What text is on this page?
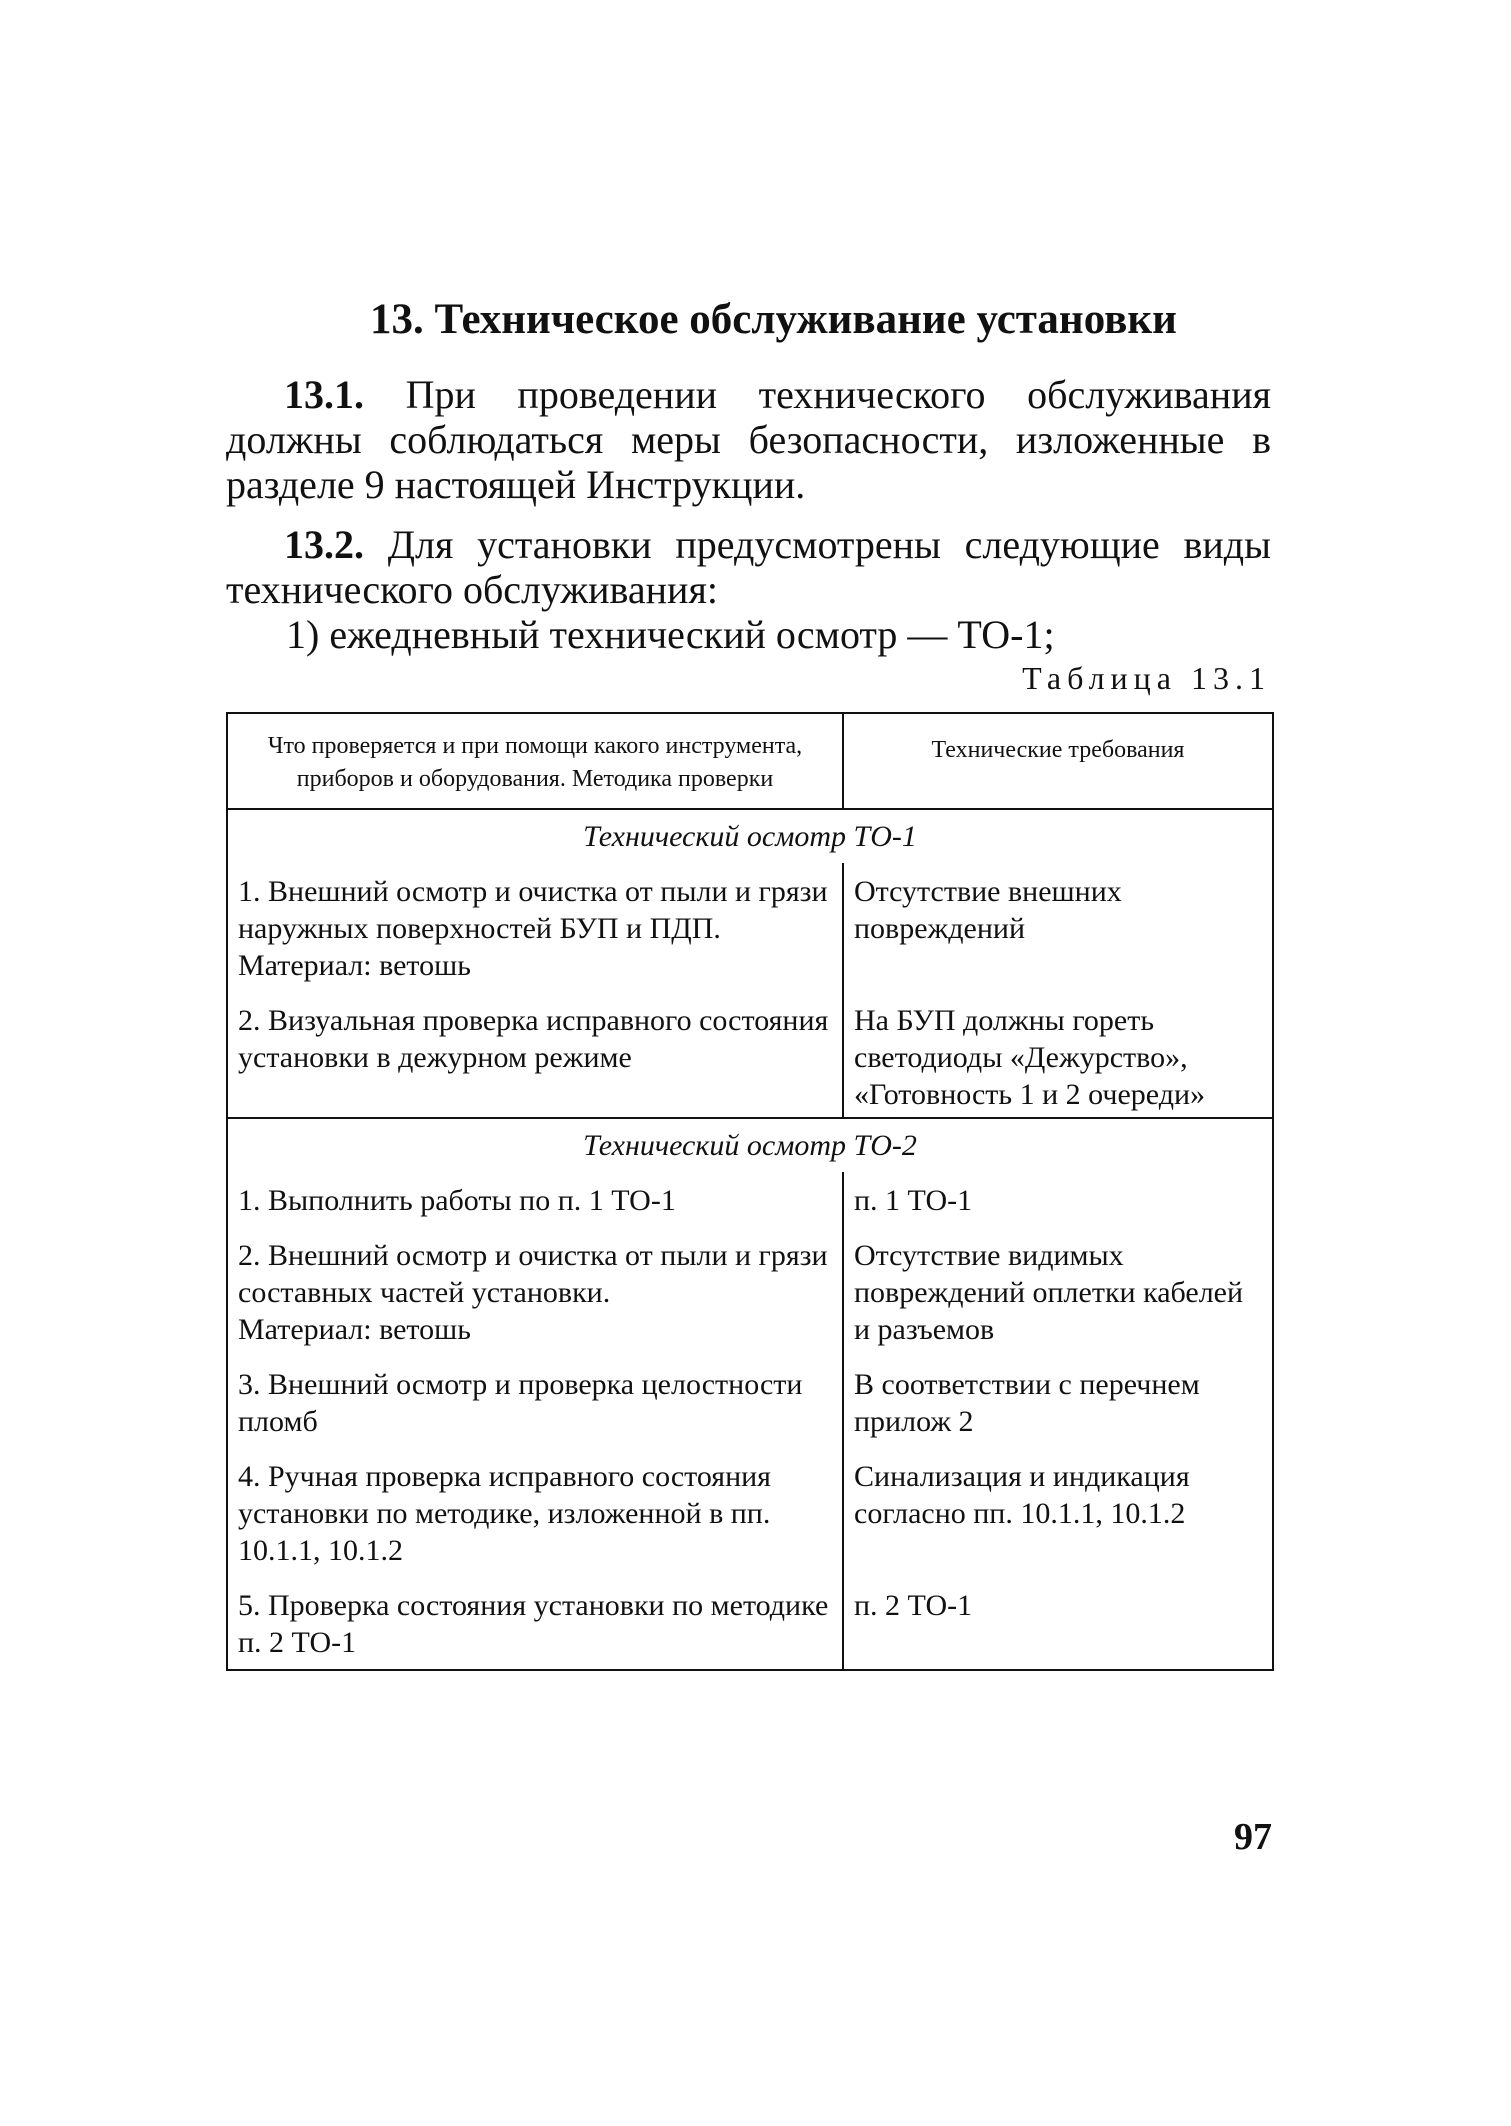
13. Техническое обслуживание установки
13.1. При проведении технического обслуживания должны соблюдаться меры безопасности, изложенные в разделе 9 настоящей Инструкции.
13.2. Для установки предусмотрены следующие виды технического обслуживания:
1) ежедневный технический осмотр — ТО-1;
Таблица 13.1
Что проверяется и при помощи какого инструмента, приборов и оборудования. Методика проверки	Технические требования
Технический осмотр ТО-1	

1. Внешний осмотр и очистка от пыли и грязи наружных поверхностей БУП и ПДП.
Материал: ветошь	Отсутствие внешних повреждений
2. Визуальная проверка исправного состояния установки в дежурном режиме	На БУП должны гореть светодиоды «Дежурство», «Готовность 1 и 2 очереди»
Технический осмотр ТО-2	
1. Выполнить работы по п. 1 ТО-1	п. 1 ТО-1

2. Внешний осмотр и очистка от пыли и грязи составных частей установки.
Материал: ветошь	Отсутствие видимых повреждений оплетки кабелей и разъемов
3. Внешний осмотр и проверка целостности пломб	В соответствии с перечнем прилож 2
4. Ручная проверка исправного состояния установки по методике, изложенной в пп. 10.1.1, 10.1.2	Синализация и индикация согласно пп. 10.1.1, 10.1.2
5. Проверка состояния установки по методике п. 2 ТО-1	п. 2 ТО-1
97
